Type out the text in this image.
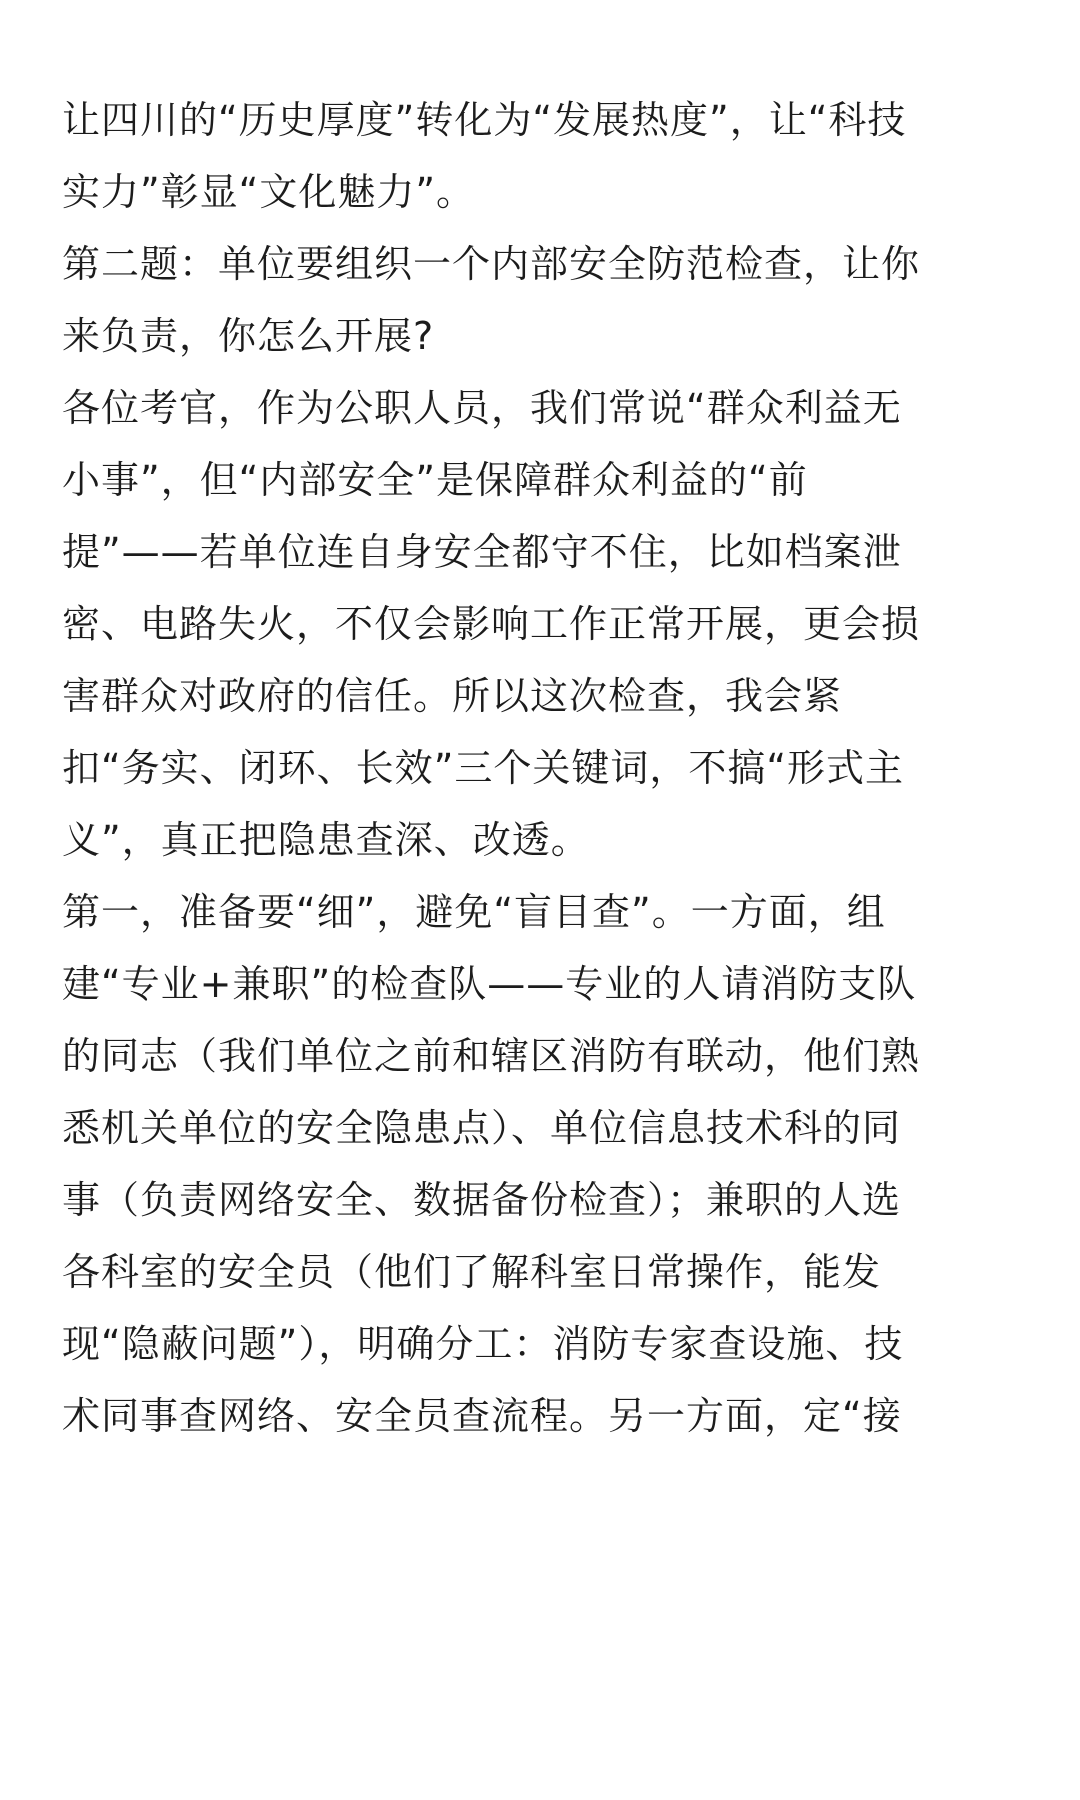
让四川的“历史厚度”转化为“发展热度”，让“科技
实力”彰显“文化魅力”。

第二题：单位要组织一个内部安全防范检查，让你
来负责，你怎么开展?

各位考官，作为公职人员，我们常说“群众利益无
小事”，但“内部安全”是保障群众利益的“前
提”——若单位连自身安全都守不住，比如档案泄
密、电路失火，不仅会影响工作正常开展，更会损
害群众对政府的信任。所以这次检查，我会紧
扣“务实、闭环、长效”三个关键词，不搞“形式主
义”，真正把隐患查深、改透。

第一，准备要“细”，避免“盲目查”。一方面，组
建“专业+兼职”的检查队——专业的人请消防支队
的同志（我们单位之前和辖区消防有联动，他们熟
悉机关单位的安全隐患点）、单位信息技术科的同
事（负责网络安全、数据备份检查）；兼职的人选
各科室的安全员（他们了解科室日常操作，能发
现“隐蔽问题”），明确分工：消防专家查设施、技
术同事查网络、安全员查流程。另一方面，定“接
